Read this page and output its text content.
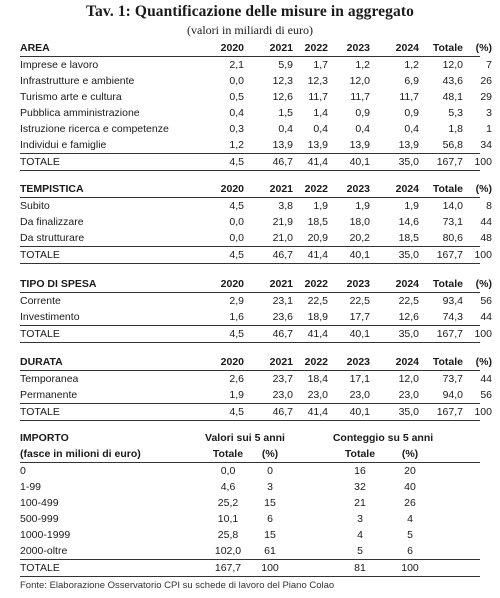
Tav. 1: Quantificazione delle misure in aggregato
(valori in miliardi di euro)
AREA	2020	2021	2022	2023	2024	Totale	(%)
Imprese e lavoro	2,1	5,9	1,7	1,2	1,2	12,0	7
Infrastrutture e ambiente	0,0	12,3	12,3	12,0	6,9	43,6	26
Turismo arte e cultura	0,5	12,6	11,7	11,7	11,7	48,1	29
Pubblica amministrazione	0,4	1,5	1,4	0,9	0,9	5,3	3
Istruzione ricerca e competenze	0,3	0,4	0,4	0,4	0,4	1,8	1
Individui e famiglie	1,2	13,9	13,9	13,9	13,9	56,8	34
TOTALE	4,5	46,7	41,4	40,1	35,0	167,7	100
TEMPISTICA	2020	2021	2022	2023	2024	Totale	(%)
Subito	4,5	3,8	1,9	1,9	1,9	14,0	8
Da finalizzare	0,0	21,9	18,5	18,0	14,6	73,1	44
Da strutturare	0,0	21,0	20,9	20,2	18,5	80,6	48
TOTALE	4,5	46,7	41,4	40,1	35,0	167,7	100
TIPO DI SPESA	2020	2021	2022	2023	2024	Totale	(%)
Corrente	2,9	23,1	22,5	22,5	22,5	93,4	56
Investimento	1,6	23,6	18,9	17,7	12,6	74,3	44
TOTALE	4,5	46,7	41,4	40,1	35,0	167,7	100
DURATA	2020	2021	2022	2023	2024	Totale	(%)
Temporanea	2,6	23,7	18,4	17,1	12,0	73,7	44
Permanente	1,9	23,0	23,0	23,0	23,0	94,0	56
TOTALE	4,5	46,7	41,4	40,1	35,0	167,7	100
IMPORTO	Valori sui 5 anni	Conteggio su 5 anni
(fasce in milioni di euro)	Totale	(%)	Totale	(%)
0	0,0	0	16	20
1-99	4,6	3	32	40
100-499	25,2	15	21	26
500-999	10,1	6	3	4
1000-1999	25,8	15	4	5
2000-oltre	102,0	61	5	6
TOTALE	167,7	100	81	100
Fonte: Elaborazione Osservatorio CPI su schede di lavoro del Piano Colao
